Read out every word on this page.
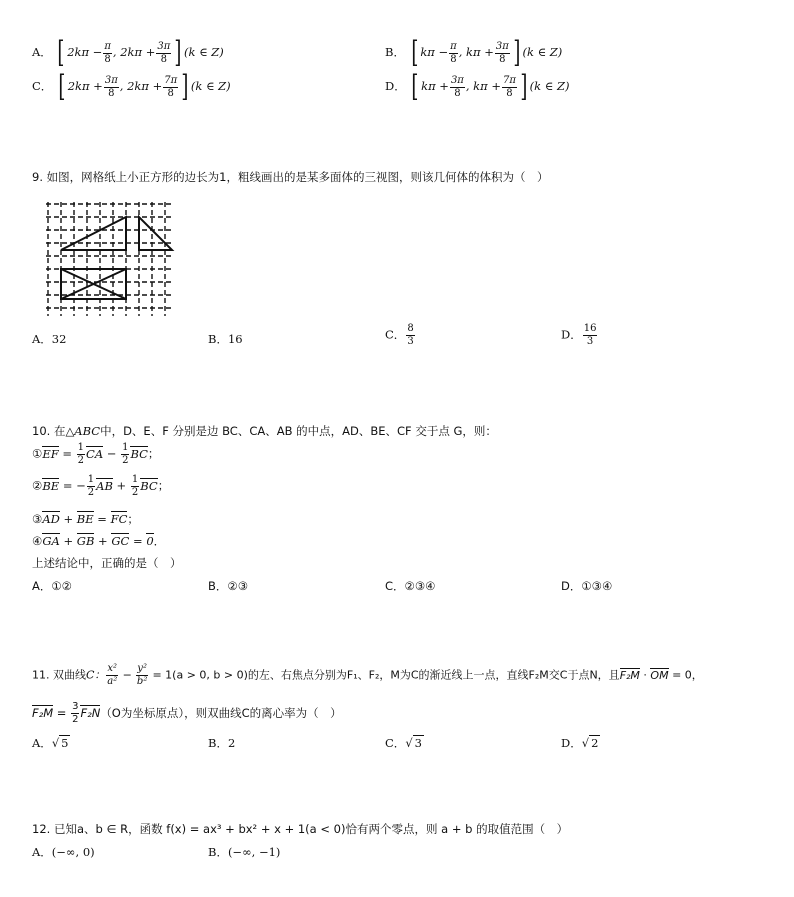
A． [ $2k\pi - \frac{\pi}{8}$ , $2k\pi + \frac{3\pi}{8}$ ] (k ∈ Z)	B． [ $k\pi - \frac{\pi}{8}$ , $k\pi + \frac{3\pi}{8}$ ] (k ∈ Z)
C． [ $2k\pi + \frac{3\pi}{8}$ , $2k\pi + \frac{7\pi}{8}$ ] (k ∈ Z)	D． [ $k\pi + \frac{3\pi}{8}$ , $k\pi + \frac{7\pi}{8}$ ] (k ∈ Z)
9. 如图，网格纸上小正方形的边长为1，粗线画出的是某多面体的三视图，则该几何体的体积为（　）
A．32	B．16	C． $\frac{8}{3}$	D． $\frac{16}{3}$
10. 在△ABC中，D、E、F 分别是边 BC、CA、AB 的中点，AD、BE、CF 交于点 G，则：
①EF = $\frac{1}{2}$ CA − $\frac{1}{2}$ BC；
②BE = − $\frac{1}{2}$ AB + $\frac{1}{2}$ BC；
③AD + BE = FC；
④GA + GB + GC = 0．
上述结论中，正确的是（　）
A．①②	B．②③	C．②③④	D．①③④
11. 双曲线C： $\frac{\text{x²}}{\text{a²}} - \frac{\text{y²}}{\text{b²}} = 1(a > 0$, b > 0)的左、右焦点分别为F₁、F₂，M为C的渐近线上一点，直线F₂M交C于点N，且F₂M · OM = 0，
$F_2M = \frac{3}{2} F_2N(O$为坐标原点），则双曲线C的离心率为（　）
A．√ 5	B．2	C．√ 3	D．√ 2
12. 已知a、b ∈ R，函数 f(x) = ax³ + bx² + x + 1(a < 0)恰有两个零点，则 a + b 的取值范围（　）
A．(−∞, 0)	B．(−∞, −1)
